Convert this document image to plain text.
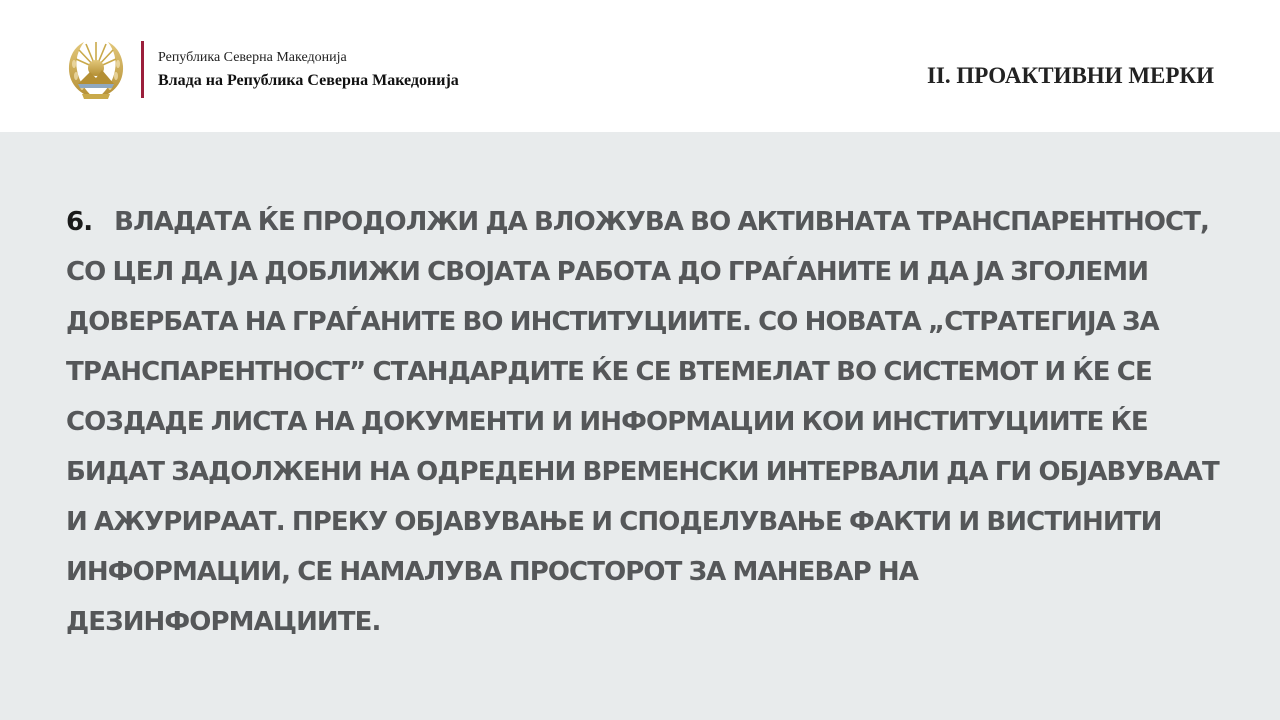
Република Северна Македонија
Влада на Република Северна Македонија	II. ПРОАКТИВНИ МЕРКИ
6. ВЛАДАТА ЌЕ ПРОДОЛЖИ ДА ВЛОЖУВА ВО АКТИВНАТА ТРАНСПАРЕНТНОСТ,
СО ЦЕЛ ДА ЈА ДОБЛИЖИ СВОЈАТА РАБОТА ДО ГРАЃАНИТЕ И ДА ЈА ЗГОЛЕМИ
ДОВЕРБАТА НА ГРАЃАНИТЕ ВО ИНСТИТУЦИИТЕ. СО НОВАТА „СТРАТЕГИЈА ЗА
ТРАНСПАРЕНТНОСТ” СТАНДАРДИТЕ ЌЕ СЕ ВТЕМЕЛАТ ВО СИСТЕМОТ И ЌЕ СЕ
СОЗДАДЕ ЛИСТА НА ДОКУМЕНТИ И ИНФОРМАЦИИ КОИ ИНСТИТУЦИИТЕ ЌЕ
БИДАТ ЗАДОЛЖЕНИ НА ОДРЕДЕНИ ВРЕМЕНСКИ ИНТЕРВАЛИ ДА ГИ ОБЈАВУВААТ
И АЖУРИРААТ. ПРЕКУ ОБЈАВУВАЊЕ И СПОДЕЛУВАЊЕ ФАКТИ И ВИСТИНИТИ
ИНФОРМАЦИИ, СЕ НАМАЛУВА ПРОСТОРОТ ЗА МАНЕВАР НА
ДЕЗИНФОРМАЦИИТЕ.
